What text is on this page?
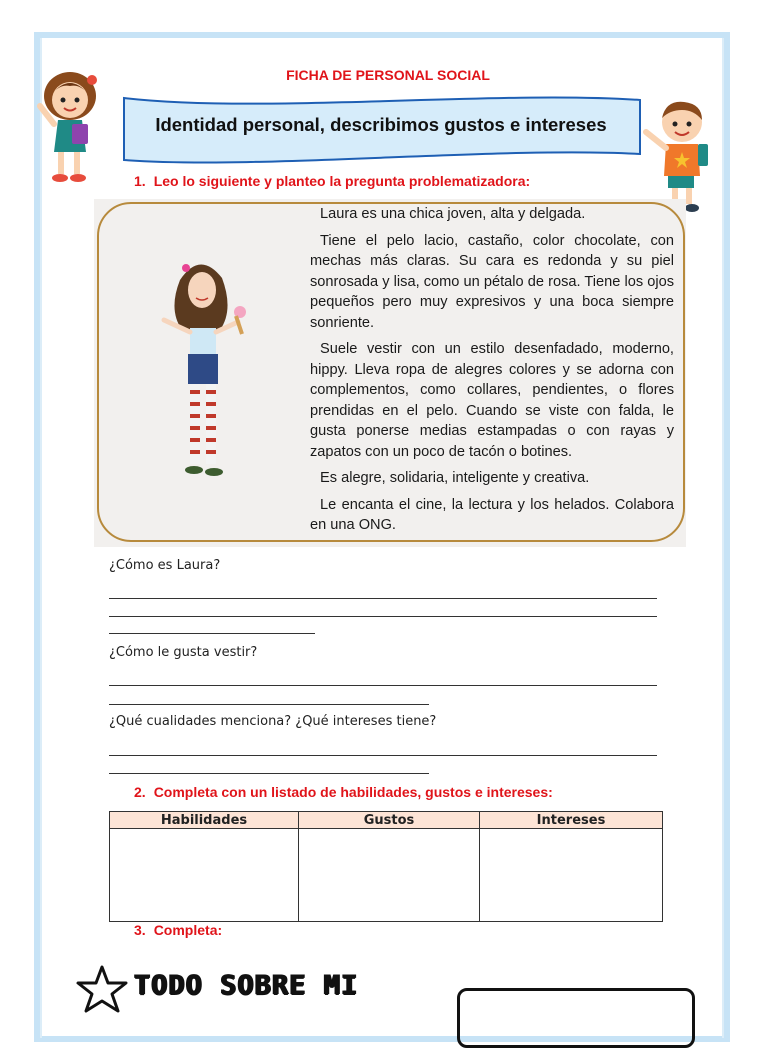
FICHA DE PERSONAL SOCIAL
Identidad personal, describimos gustos e intereses
1. Leo lo siguiente y planteo la pregunta problematizadora:

Laura es una chica joven, alta y delgada.

Tiene el pelo lacio, castaño, color chocolate, con mechas más claras. Su cara es redonda y su piel sonrosada y lisa, como un pétalo de rosa. Tiene los ojos pequeños pero muy expresivos y una boca siempre sonriente.

Suele vestir con un estilo desenfadado, moderno, hippy. Lleva ropa de alegres colores y se adorna con complementos, como collares, pendientes, o flores prendidas en el pelo. Cuando se viste con falda, le gusta ponerse medias estampadas o con rayas y zapatos con un poco de tacón o botines.

Es alegre, solidaria, inteligente y creativa.

Le encanta el cine, la lectura y los helados. Colabora en una ONG.

¿Cómo es Laura?
¿Cómo le gusta vestir?
¿Qué cualidades menciona? ¿Qué intereses tiene?
2. Completa con un listado de habilidades, gustos e intereses:
Habilidades	Gustos	Intereses

3. Completa:
TODO SOBRE MI
